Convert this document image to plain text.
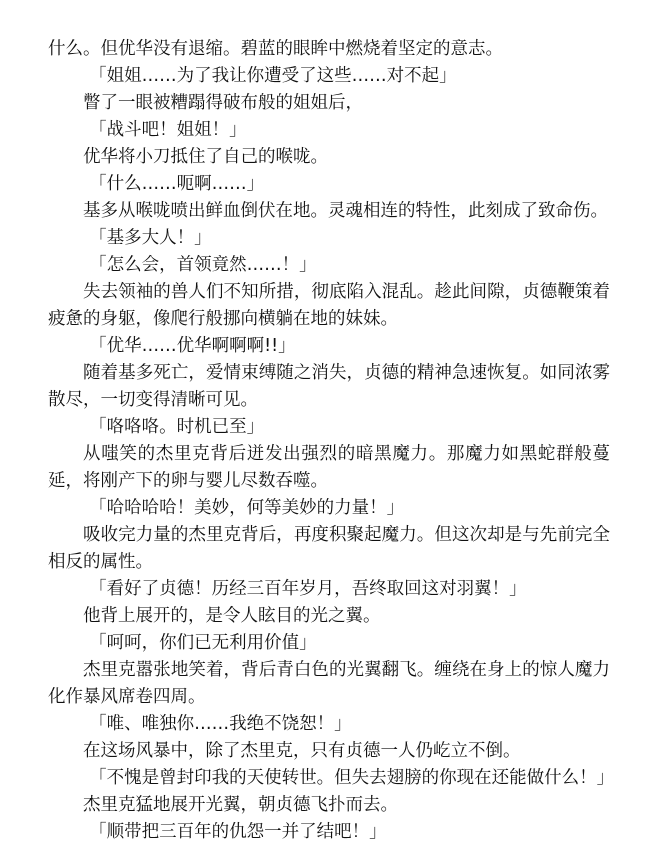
什么。但优华没有退缩。碧蓝的眼眸中燃烧着坚定的意志。

「姐姐……为了我让你遭受了这些……对不起」

瞥了一眼被糟蹋得破布般的姐姐后，

「战斗吧！姐姐！」

优华将小刀抵住了自己的喉咙。

「什么……呃啊……」

基多从喉咙喷出鲜血倒伏在地。灵魂相连的特性，此刻成了致命伤。

「基多大人！」

「怎么会，首领竟然……！」

失去领袖的兽人们不知所措，彻底陷入混乱。趁此间隙，贞德鞭策着疲惫的身躯，像爬行般挪向横躺在地的妹妹。

「优华……优华啊啊啊!!」

随着基多死亡，爱情束缚随之消失，贞德的精神急速恢复。如同浓雾散尽，一切变得清晰可见。

「咯咯咯。时机已至」

从嗤笑的杰里克背后迸发出强烈的暗黑魔力。那魔力如黑蛇群般蔓延，将刚产下的卵与婴儿尽数吞噬。

「哈哈哈哈！美妙，何等美妙的力量！」

吸收完力量的杰里克背后，再度积聚起魔力。但这次却是与先前完全相反的属性。

「看好了贞德！历经三百年岁月，吾终取回这对羽翼！」

他背上展开的，是令人眩目的光之翼。

「呵呵，你们已无利用价值」

杰里克嚣张地笑着，背后青白色的光翼翻飞。缠绕在身上的惊人魔力化作暴风席卷四周。

「唯、唯独你……我绝不饶恕！」

在这场风暴中，除了杰里克，只有贞德一人仍屹立不倒。

「不愧是曾封印我的天使转世。但失去翅膀的你现在还能做什么！」

杰里克猛地展开光翼，朝贞德飞扑而去。

「顺带把三百年的仇怨一并了结吧！」
